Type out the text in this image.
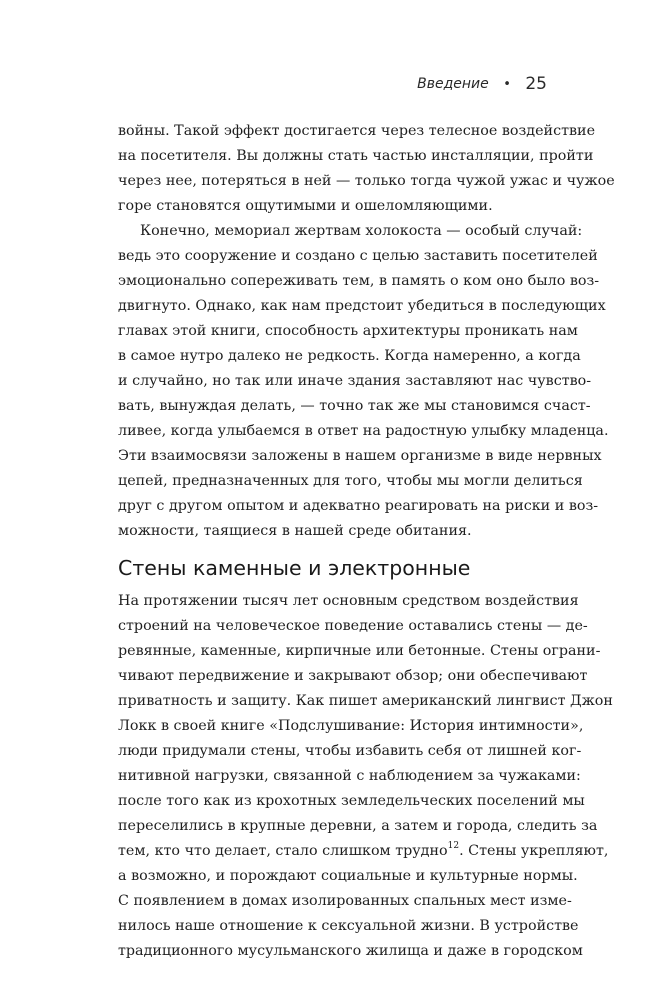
Введение • 25
войны. Такой эффект достигается через телесное воздействие
на посетителя. Вы должны стать частью инсталляции, пройти
через нее, потеряться в ней — только тогда чужой ужас и чужое
горе становятся ощутимыми и ошеломляющими.
Конечно, мемориал жертвам холокоста — особый случай:
ведь это сооружение и создано с целью заставить посетителей
эмоционально сопереживать тем, в память о ком оно было воз-
двигнуто. Однако, как нам предстоит убедиться в последующих
главах этой книги, способность архитектуры проникать нам
в самое нутро далеко не редкость. Когда намеренно, а когда
и случайно, но так или иначе здания заставляют нас чувство-
вать, вынуждая делать, — точно так же мы становимся счаст-
ливее, когда улыбаемся в ответ на радостную улыбку младенца.
Эти взаимосвязи заложены в нашем организме в виде нервных
цепей, предназначенных для того, чтобы мы могли делиться
друг с другом опытом и адекватно реагировать на риски и воз-
можности, таящиеся в нашей среде обитания.
Стены каменные и электронные
На протяжении тысяч лет основным средством воздействия
строений на человеческое поведение оставались стены — де-
ревянные, каменные, кирпичные или бетонные. Стены ограни-
чивают передвижение и закрывают обзор; они обеспечивают
приватность и защиту. Как пишет американский лингвист Джон
Локк в своей книге «Подслушивание: История интимности»,
люди придумали стены, чтобы избавить себя от лишней ког-
нитивной нагрузки, связанной с наблюдением за чужаками:
после того как из крохотных земледельческих поселений мы
переселились в крупные деревни, а затем и города, следить за
тем, кто что делает, стало слишком трудно$^{12}$. Стены укрепляют,
а возможно, и порождают социальные и культурные нормы.
С появлением в домах изолированных спальных мест изме-
нилось наше отношение к сексуальной жизни. В устройстве
традиционного мусульманского жилища и даже в городском
